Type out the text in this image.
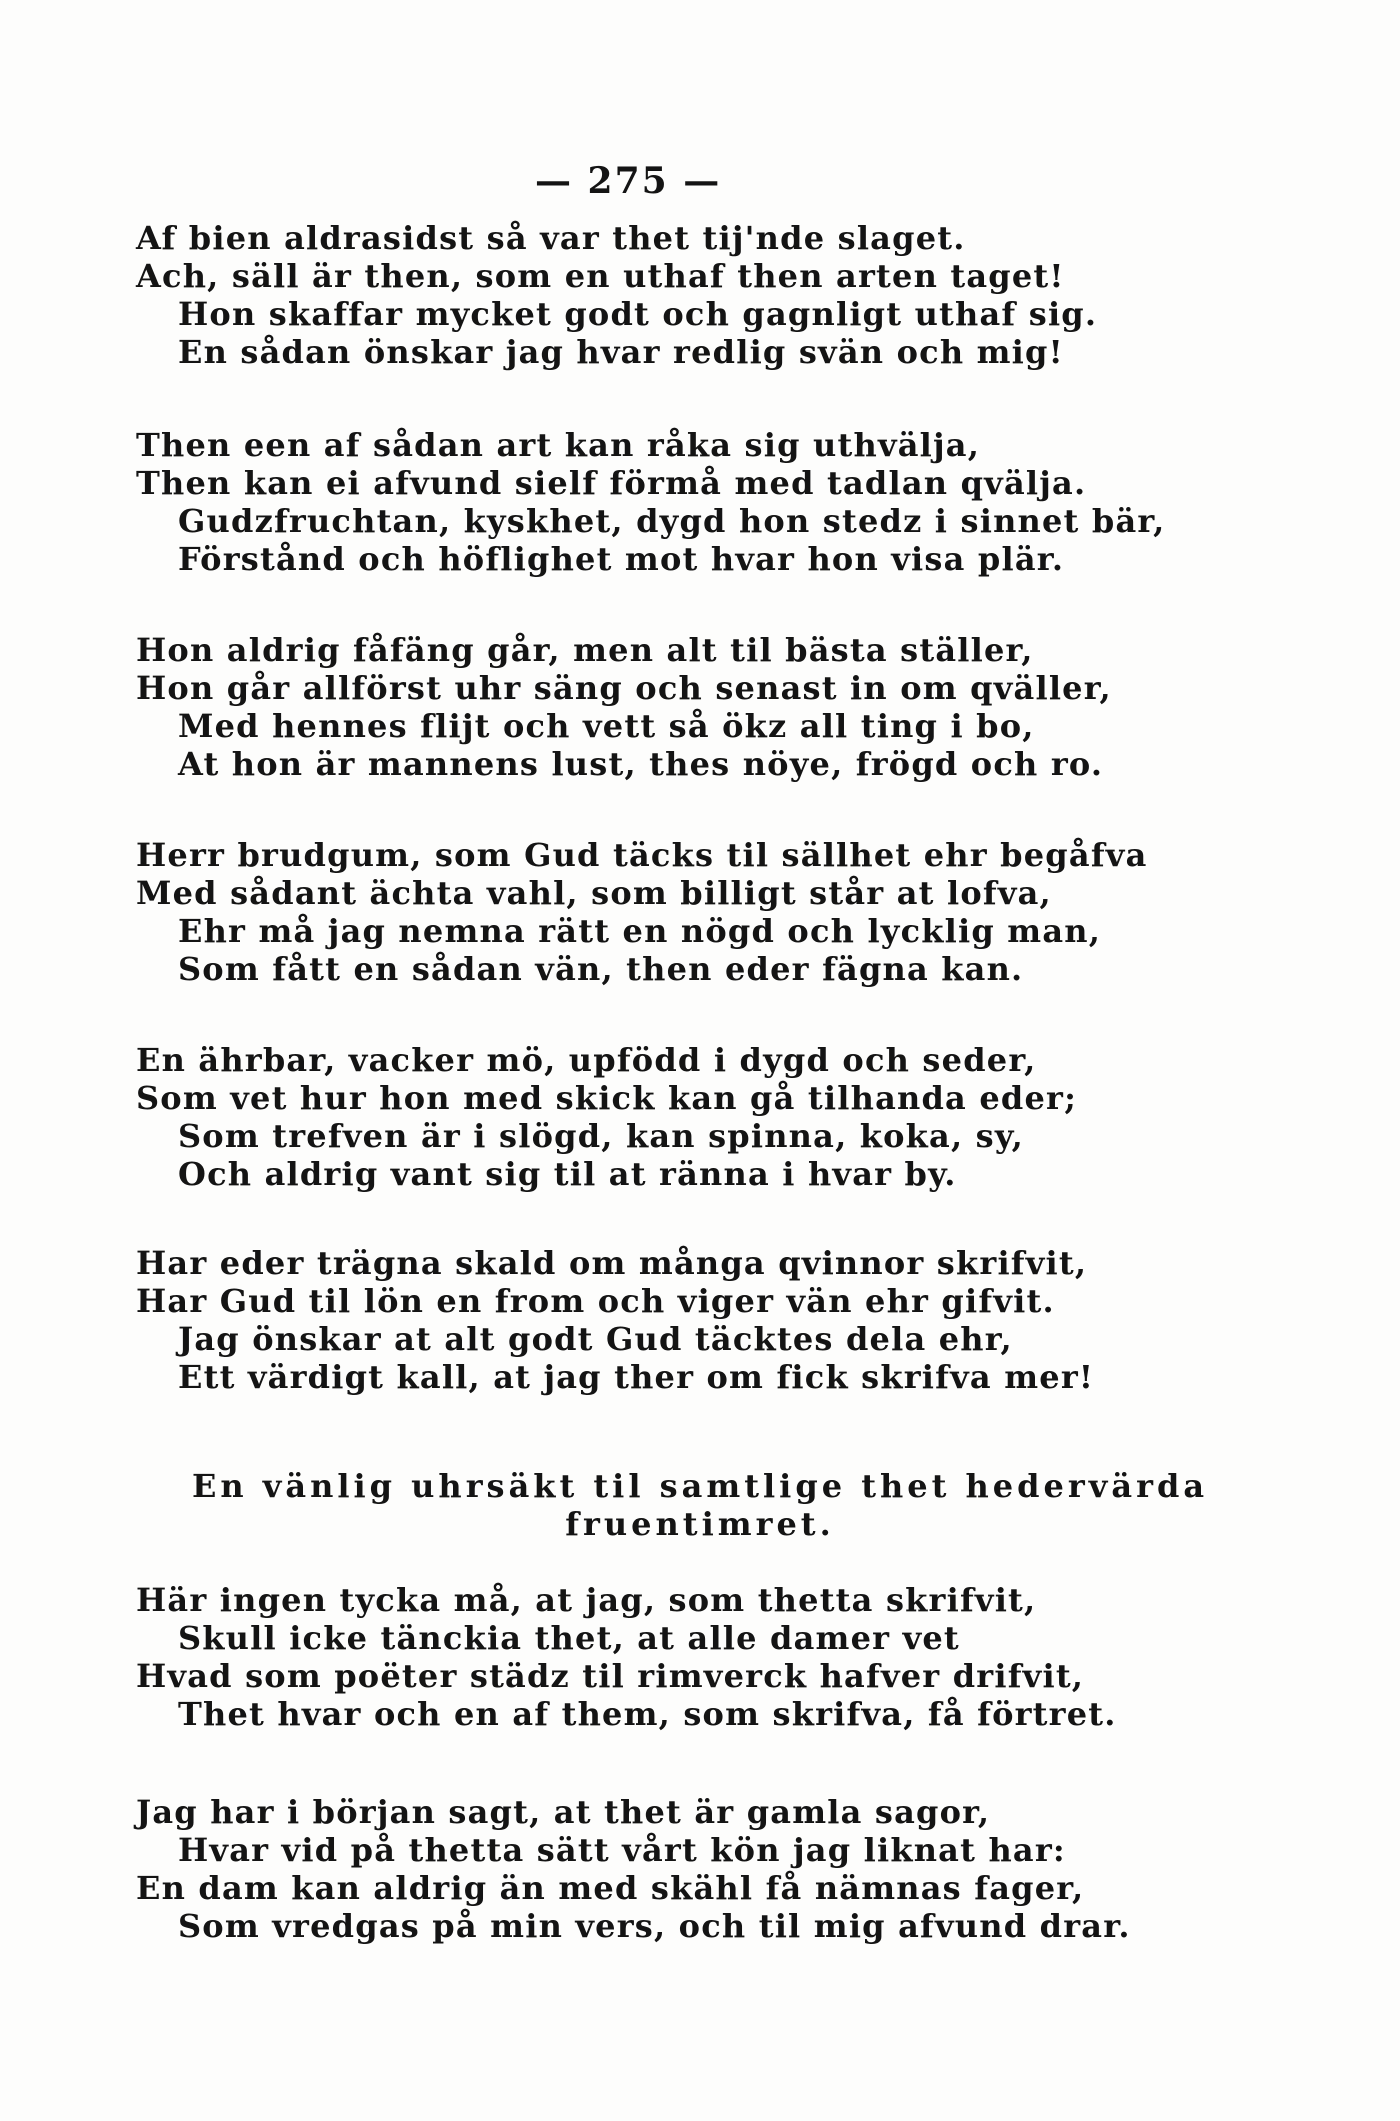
— 275 —
Af bien aldrasidst så var thet tij'nde slaget.
Ach, säll är then, som en uthaf then arten taget!
Hon skaffar mycket godt och gagnligt uthaf sig.
En sådan önskar jag hvar redlig svän och mig!
Then een af sådan art kan råka sig uthvälja,
Then kan ei afvund sielf förmå med tadlan qvälja.
Gudzfruchtan, kyskhet, dygd hon stedz i sinnet bär,
Förstånd och höflighet mot hvar hon visa plär.
Hon aldrig fåfäng går, men alt til bästa ställer,
Hon går allförst uhr säng och senast in om qväller,
Med hennes flijt och vett så ökz all ting i bo,
At hon är mannens lust, thes nöye, frögd och ro.
Herr brudgum, som Gud täcks til sällhet ehr begåfva
Med sådant ächta vahl, som billigt står at lofva,
Ehr må jag nemna rätt en nögd och lycklig man,
Som fått en sådan vän, then eder fägna kan.
En ährbar, vacker mö, upfödd i dygd och seder,
Som vet hur hon med skick kan gå tilhanda eder;
Som trefven är i slögd, kan spinna, koka, sy,
Och aldrig vant sig til at ränna i hvar by.
Har eder trägna skald om många qvinnor skrifvit,
Har Gud til lön en from och viger vän ehr gifvit.
Jag önskar at alt godt Gud täcktes dela ehr,
Ett värdigt kall, at jag ther om fick skrifva mer!
En vänlig uhrsäkt til samtlige thet hedervärda
fruentimret.
Här ingen tycka må, at jag, som thetta skrifvit,
Skull icke tänckia thet, at alle damer vet
Hvad som poëter städz til rimverck hafver drifvit,
Thet hvar och en af them, som skrifva, få förtret.
Jag har i början sagt, at thet är gamla sagor,
Hvar vid på thetta sätt vårt kön jag liknat har:
En dam kan aldrig än med skähl få nämnas fager,
Som vredgas på min vers, och til mig afvund drar.
